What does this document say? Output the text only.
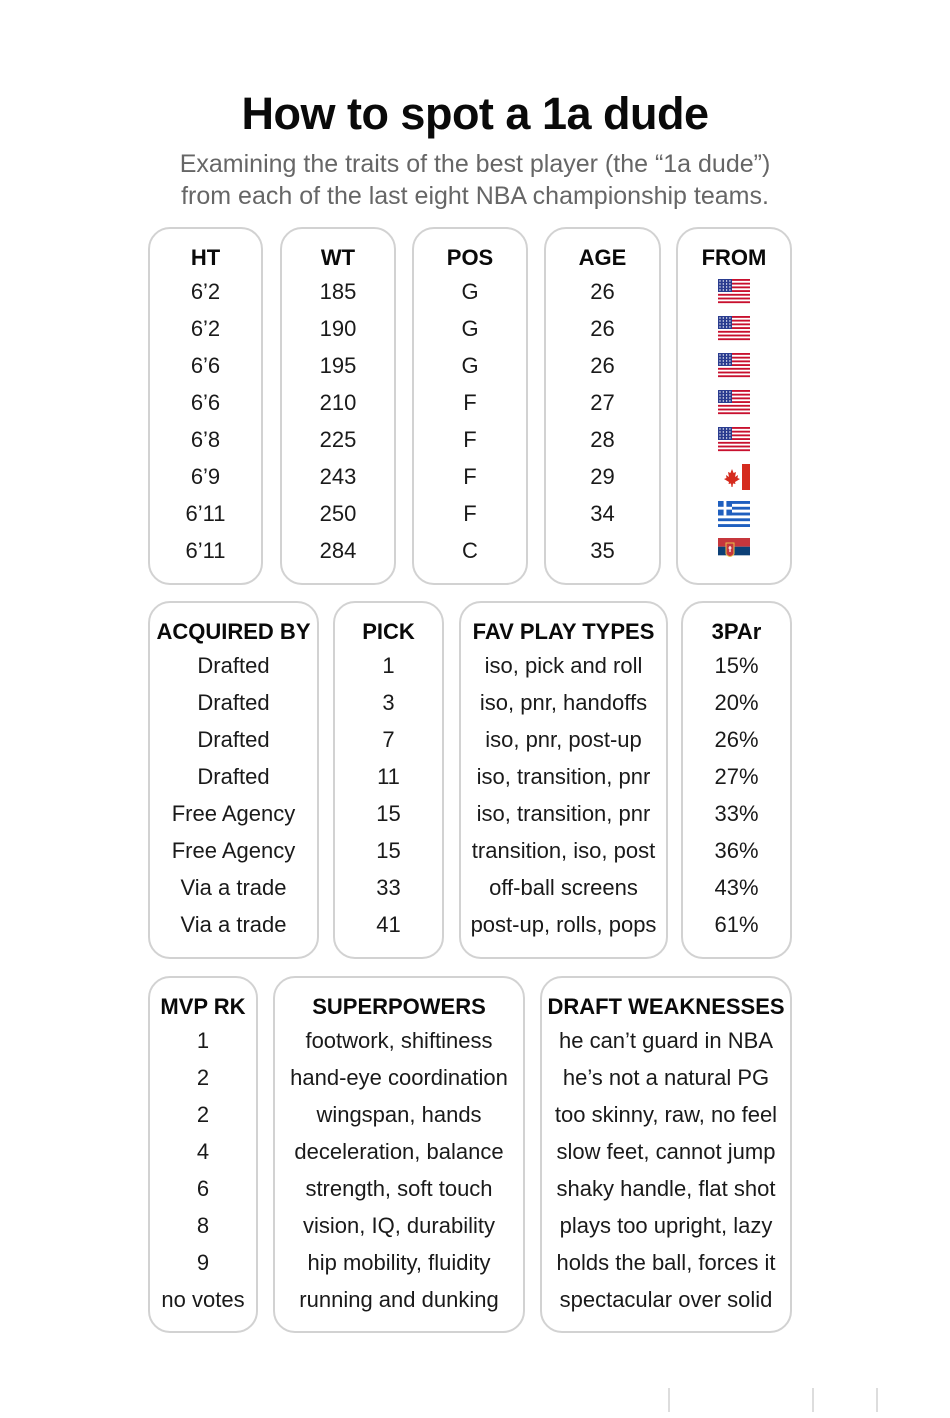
How to spot a 1a dude
Examining the traits of the best player (the “1a dude”)
from each of the last eight NBA championship teams.
HT
6’2
6’2
6’6
6’6
6’8
6’9
6’11
6’11
WT
185
190
195
210
225
243
250
284
POS
G
G
G
F
F
F
F
C
AGE
26
26
26
27
28
29
34
35
FROM
ACQUIRED BY
Drafted
Drafted
Drafted
Drafted
Free Agency
Free Agency
Via a trade
Via a trade
PICK
1
3
7
11
15
15
33
41
FAV PLAY TYPES
iso, pick and roll
iso, pnr, handoffs
iso, pnr, post-up
iso, transition, pnr
iso, transition, pnr
transition, iso, post
off-ball screens
post-up, rolls, pops
3PAr
15%
20%
26%
27%
33%
36%
43%
61%
MVP RK
1
2
2
4
6
8
9
no votes
SUPERPOWERS
footwork, shiftiness
hand-eye coordination
wingspan, hands
deceleration, balance
strength, soft touch
vision, IQ, durability
hip mobility, fluidity
running and dunking
DRAFT WEAKNESSES
he can’t guard in NBA
he’s not a natural PG
too skinny, raw, no feel
slow feet, cannot jump
shaky handle, flat shot
plays too upright, lazy
holds the ball, forces it
spectacular over solid
